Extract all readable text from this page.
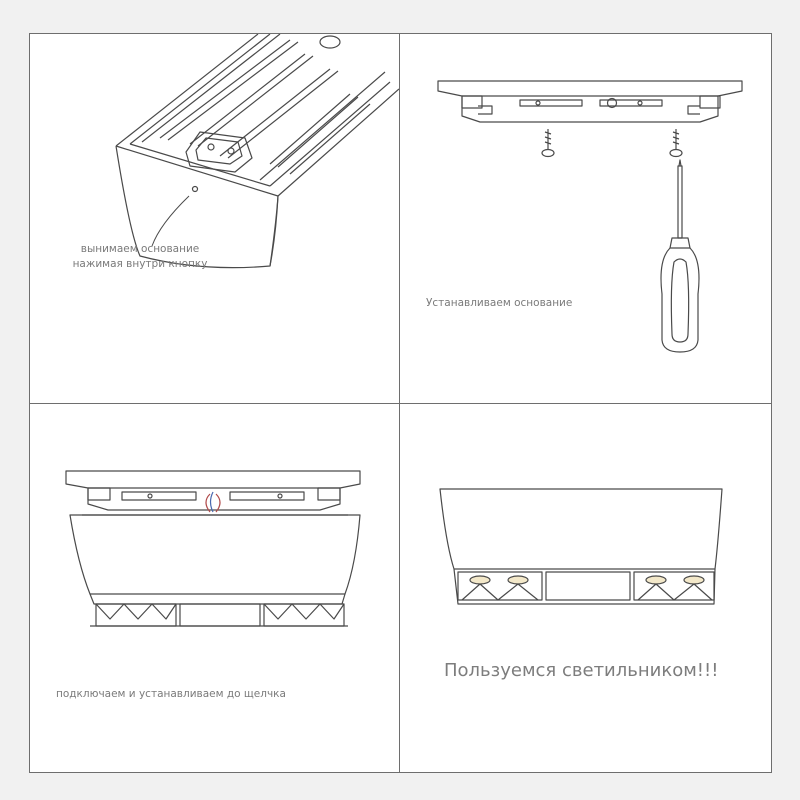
вынимаем основание
нажимая внутри кнопку
Устанавливаем основание
подключаем и устанавливаем до щелчка
Пользуемся светильником!!!
